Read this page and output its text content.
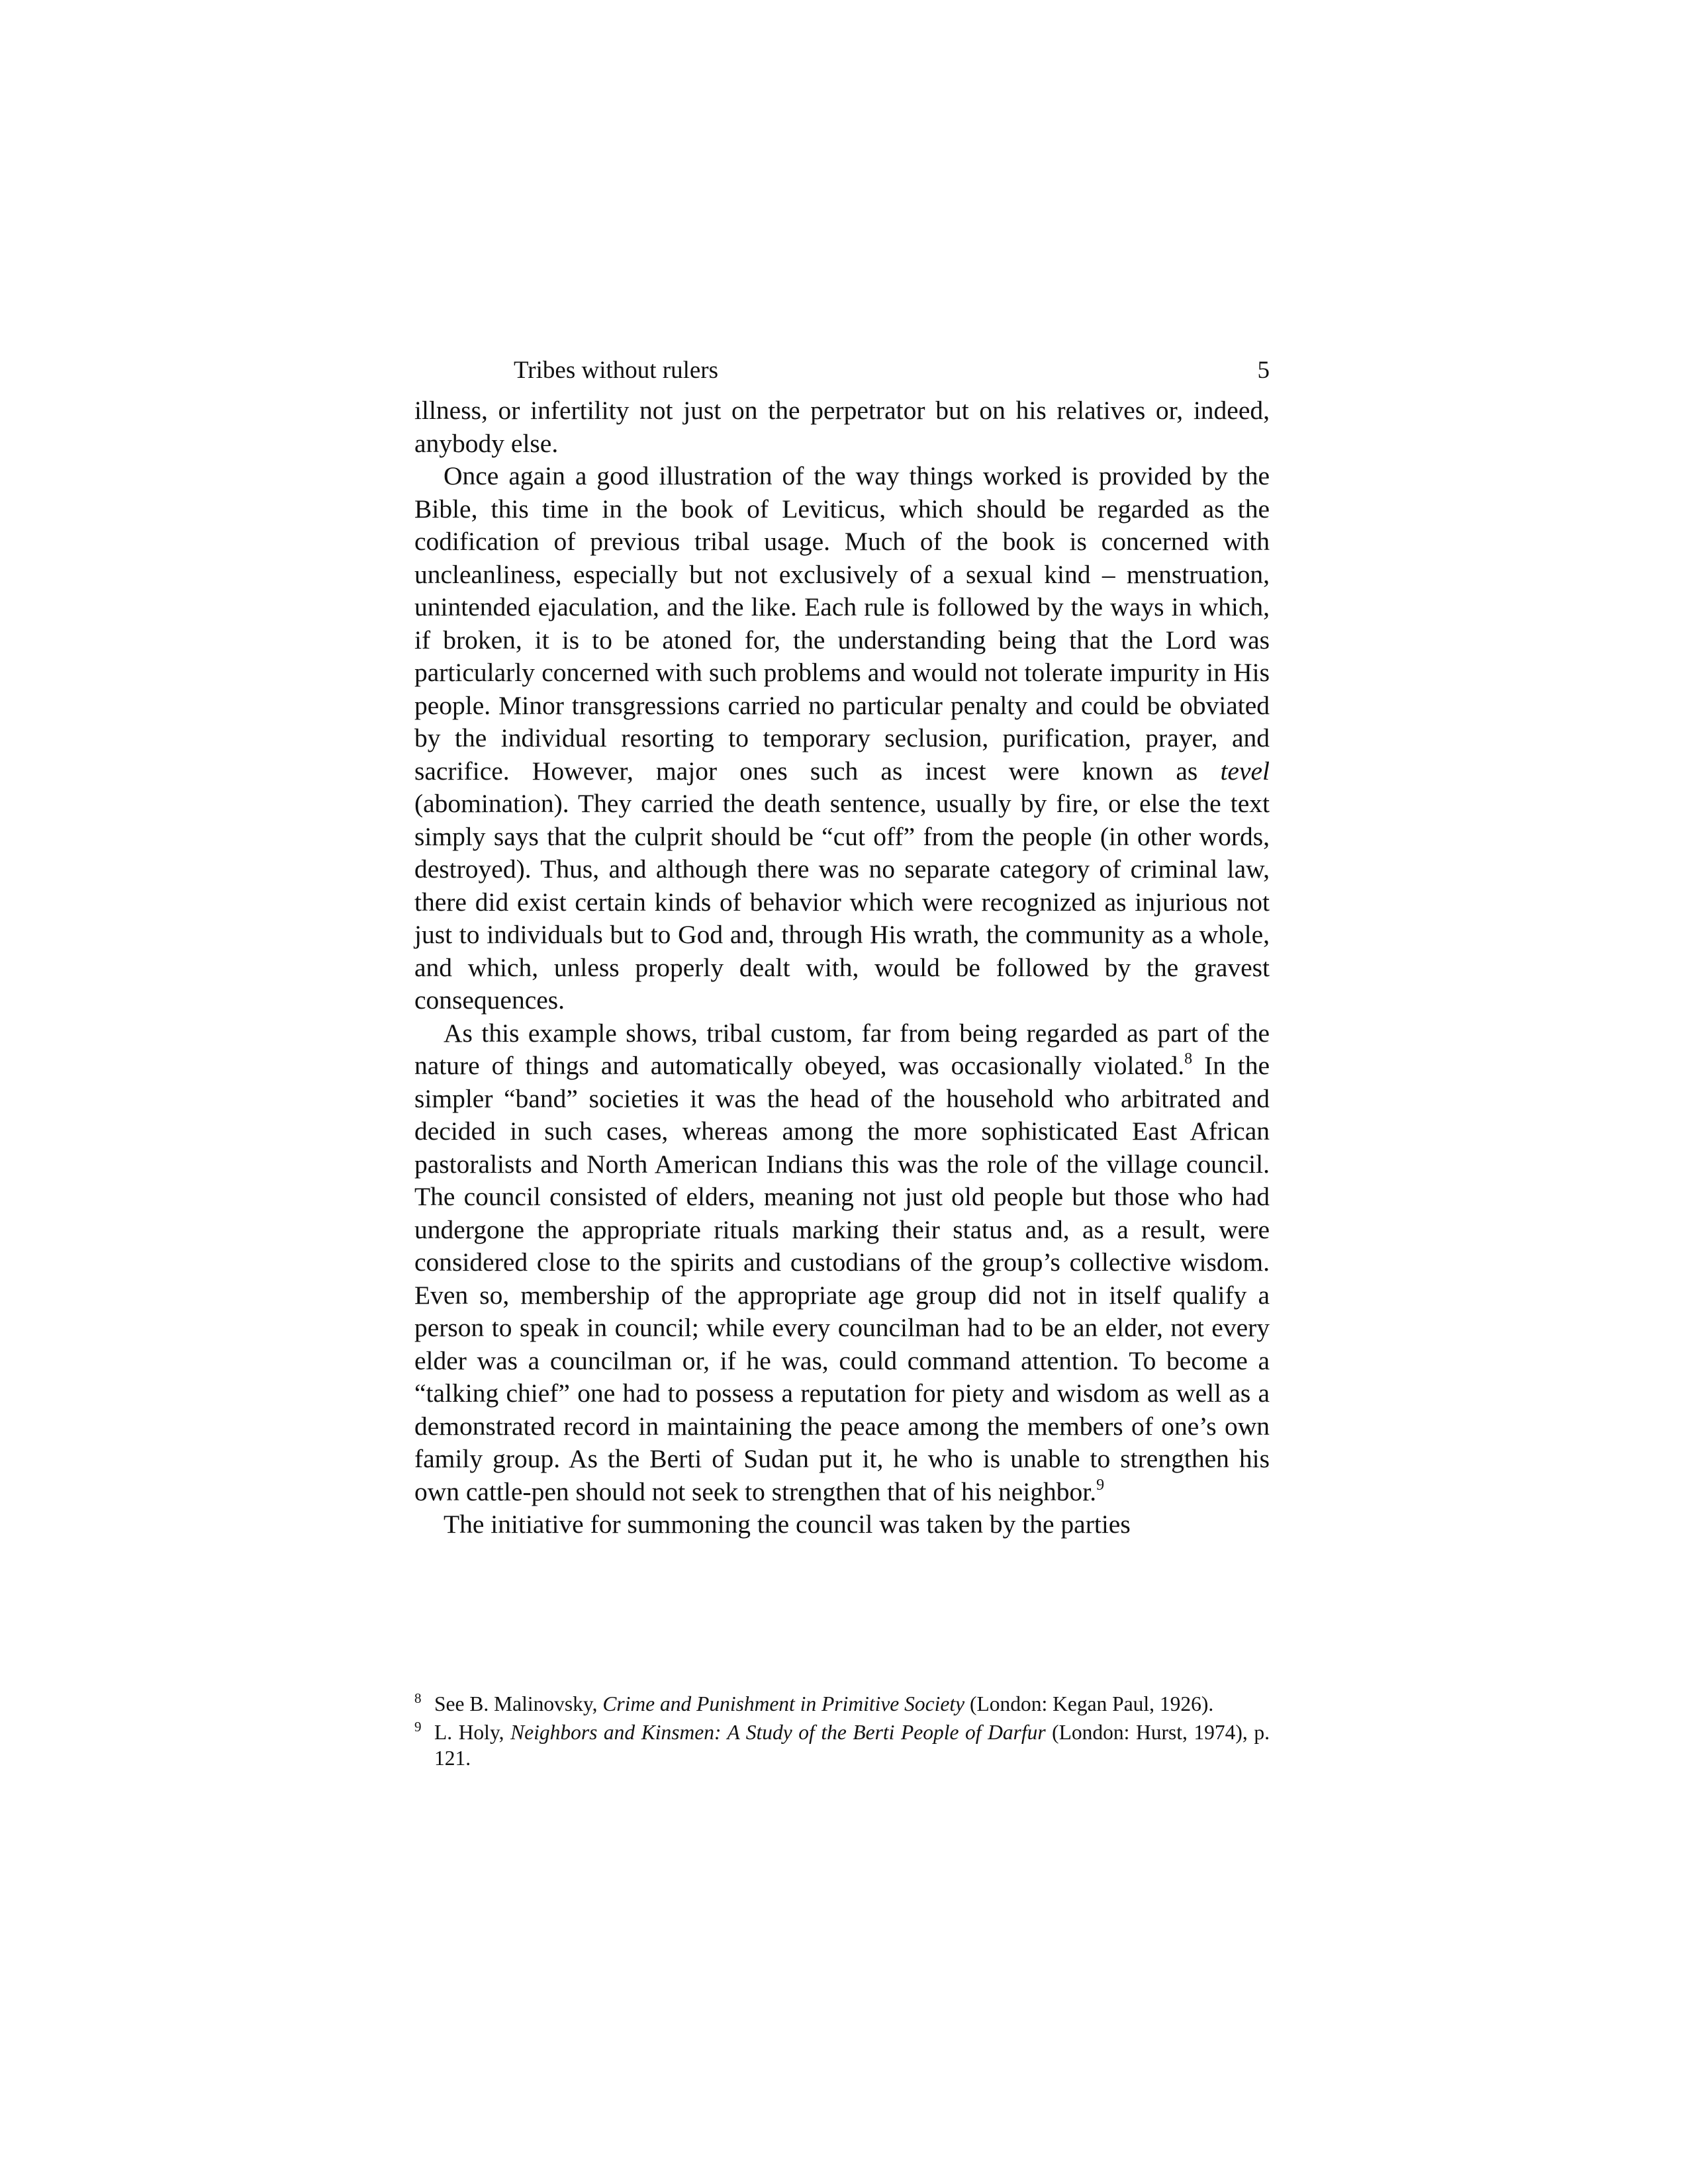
Tribes without rulers	5

illness, or infertility not just on the perpetrator but on his relatives or, indeed, anybody else.

Once again a good illustration of the way things worked is provided by the Bible, this time in the book of Leviticus, which should be regarded as the codification of previous tribal usage. Much of the book is concerned with uncleanliness, especially but not exclusively of a sexual kind – menstruation, unintended ejaculation, and the like. Each rule is followed by the ways in which, if broken, it is to be atoned for, the understanding being that the Lord was particularly concerned with such problems and would not tolerate impurity in His people. Minor transgressions carried no particular penalty and could be obviated by the individual resorting to temporary seclusion, purification, prayer, and sacrifice. However, major ones such as incest were known as tevel (abomination). They carried the death sentence, usually by fire, or else the text simply says that the culprit should be “cut off” from the people (in other words, destroyed). Thus, and although there was no separate category of criminal law, there did exist certain kinds of behavior which were recognized as injurious not just to individuals but to God and, through His wrath, the community as a whole, and which, unless properly dealt with, would be followed by the gravest consequences.

As this example shows, tribal custom, far from being regarded as part of the nature of things and automatically obeyed, was occasionally violated.$^8$ In the simpler “band” societies it was the head of the household who arbitrated and decided in such cases, whereas among the more sophisticated East African pastoralists and North American Indians this was the role of the village council. The council consisted of elders, meaning not just old people but those who had undergone the appropriate rituals marking their status and, as a result, were considered close to the spirits and custodians of the group’s collective wisdom. Even so, membership of the appropriate age group did not in itself qualify a person to speak in council; while every councilman had to be an elder, not every elder was a councilman or, if he was, could command attention. To become a “talking chief” one had to possess a reputation for piety and wisdom as well as a demonstrated record in maintaining the peace among the members of one’s own family group. As the Berti of Sudan put it, he who is unable to strengthen his own cattle-pen should not seek to strengthen that of his neighbor.$^9$

The initiative for summoning the council was taken by the parties

8 See B. Malinovsky, Crime and Punishment in Primitive Society (London: Kegan Paul, 1926).
9 L. Holy, Neighbors and Kinsmen: A Study of the Berti People of Darfur (London: Hurst, 1974), p. 121.
